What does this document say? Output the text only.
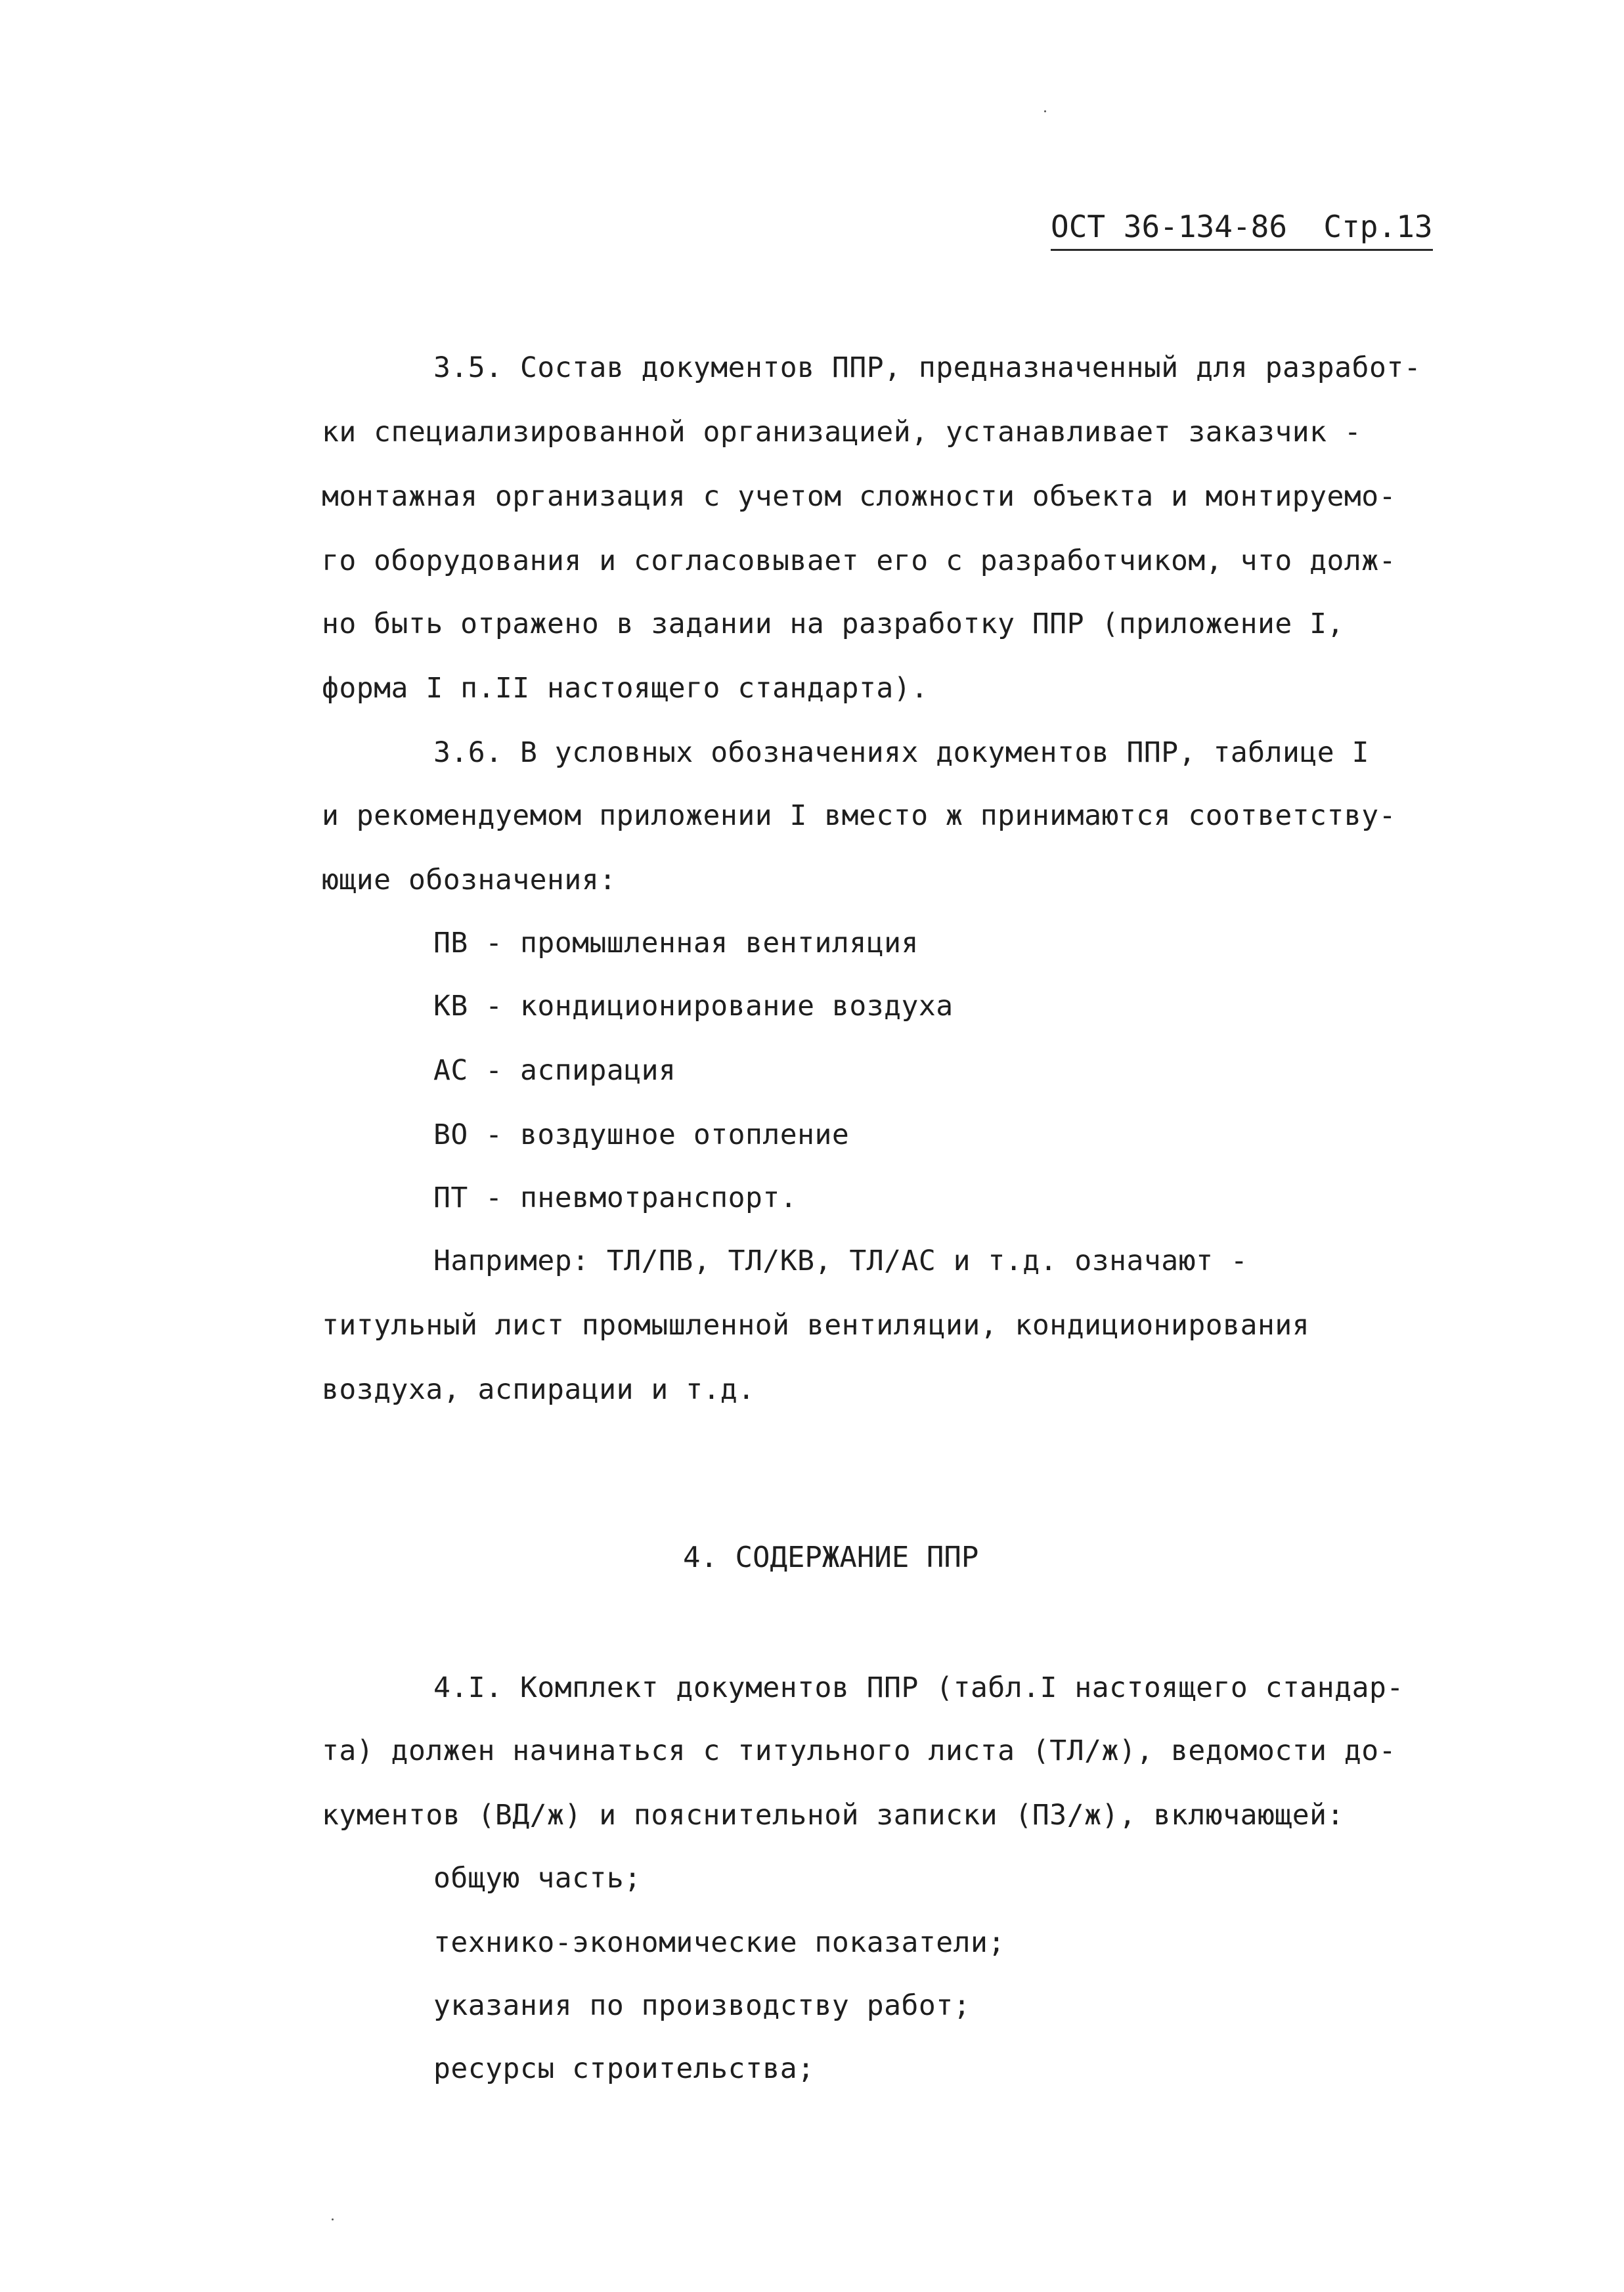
ОСТ 36-134-86 Стр.13
3.5. Состав документов ППР, предназначенный для разработ-
ки специализированной организацией, устанавливает заказчик -
монтажная организация с учетом сложности объекта и монтируемо-
го оборудования и согласовывает его с разработчиком, что долж-
но быть отражено в задании на разработку ППР (приложение I,
форма I п.II настоящего стандарта).
3.6. В условных обозначениях документов ППР, таблице I
и рекомендуемом приложении I вместо ж принимаются соответству-
ющие обозначения:
ПВ - промышленная вентиляция
КВ - кондиционирование воздуха
АС - аспирация
ВО - воздушное отопление
ПТ - пневмотранспорт.
Например: ТЛ/ПВ, ТЛ/КВ, ТЛ/АС и т.д. означают -
титульный лист промышленной вентиляции, кондиционирования
воздуха, аспирации и т.д.
4. СОДЕРЖАНИЕ ППР
4.I. Комплект документов ППР (табл.I настоящего стандар-
та) должен начинаться с титульного листа (ТЛ/ж), ведомости до-
кументов (ВД/ж) и пояснительной записки (ПЗ/ж), включающей:
общую часть;
технико-экономические показатели;
указания по производству работ;
ресурсы строительства;
